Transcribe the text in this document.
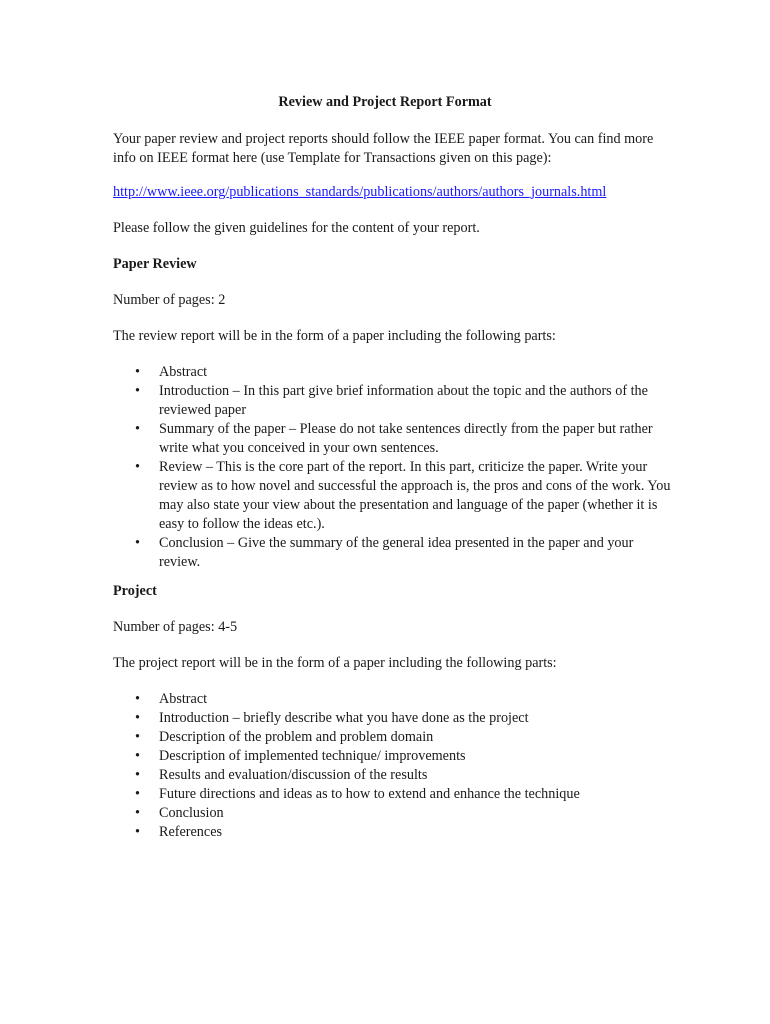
Review and Project Report Format
Your paper review and project reports should follow the IEEE paper format. You can find more info on IEEE format here (use Template for Transactions given on this page):
http://www.ieee.org/publications_standards/publications/authors/authors_journals.html
Please follow the given guidelines for the content of your report.
Paper Review
Number of pages: 2
The review report will be in the form of a paper including the following parts:
• Abstract
• Introduction – In this part give brief information about the topic and the authors of the reviewed paper
• Summary of the paper – Please do not take sentences directly from the paper but rather write what you conceived in your own sentences.
• Review – This is the core part of the report. In this part, criticize the paper. Write your review as to how novel and successful the approach is, the pros and cons of the work. You may also state your view about the presentation and language of the paper (whether it is easy to follow the ideas etc.).
• Conclusion – Give the summary of the general idea presented in the paper and your review.
Project
Number of pages: 4-5
The project report will be in the form of a paper including the following parts:
• Abstract
• Introduction – briefly describe what you have done as the project
• Description of the problem and problem domain
• Description of implemented technique/ improvements
• Results and evaluation/discussion of the results
• Future directions and ideas as to how to extend and enhance the technique
• Conclusion
• References
